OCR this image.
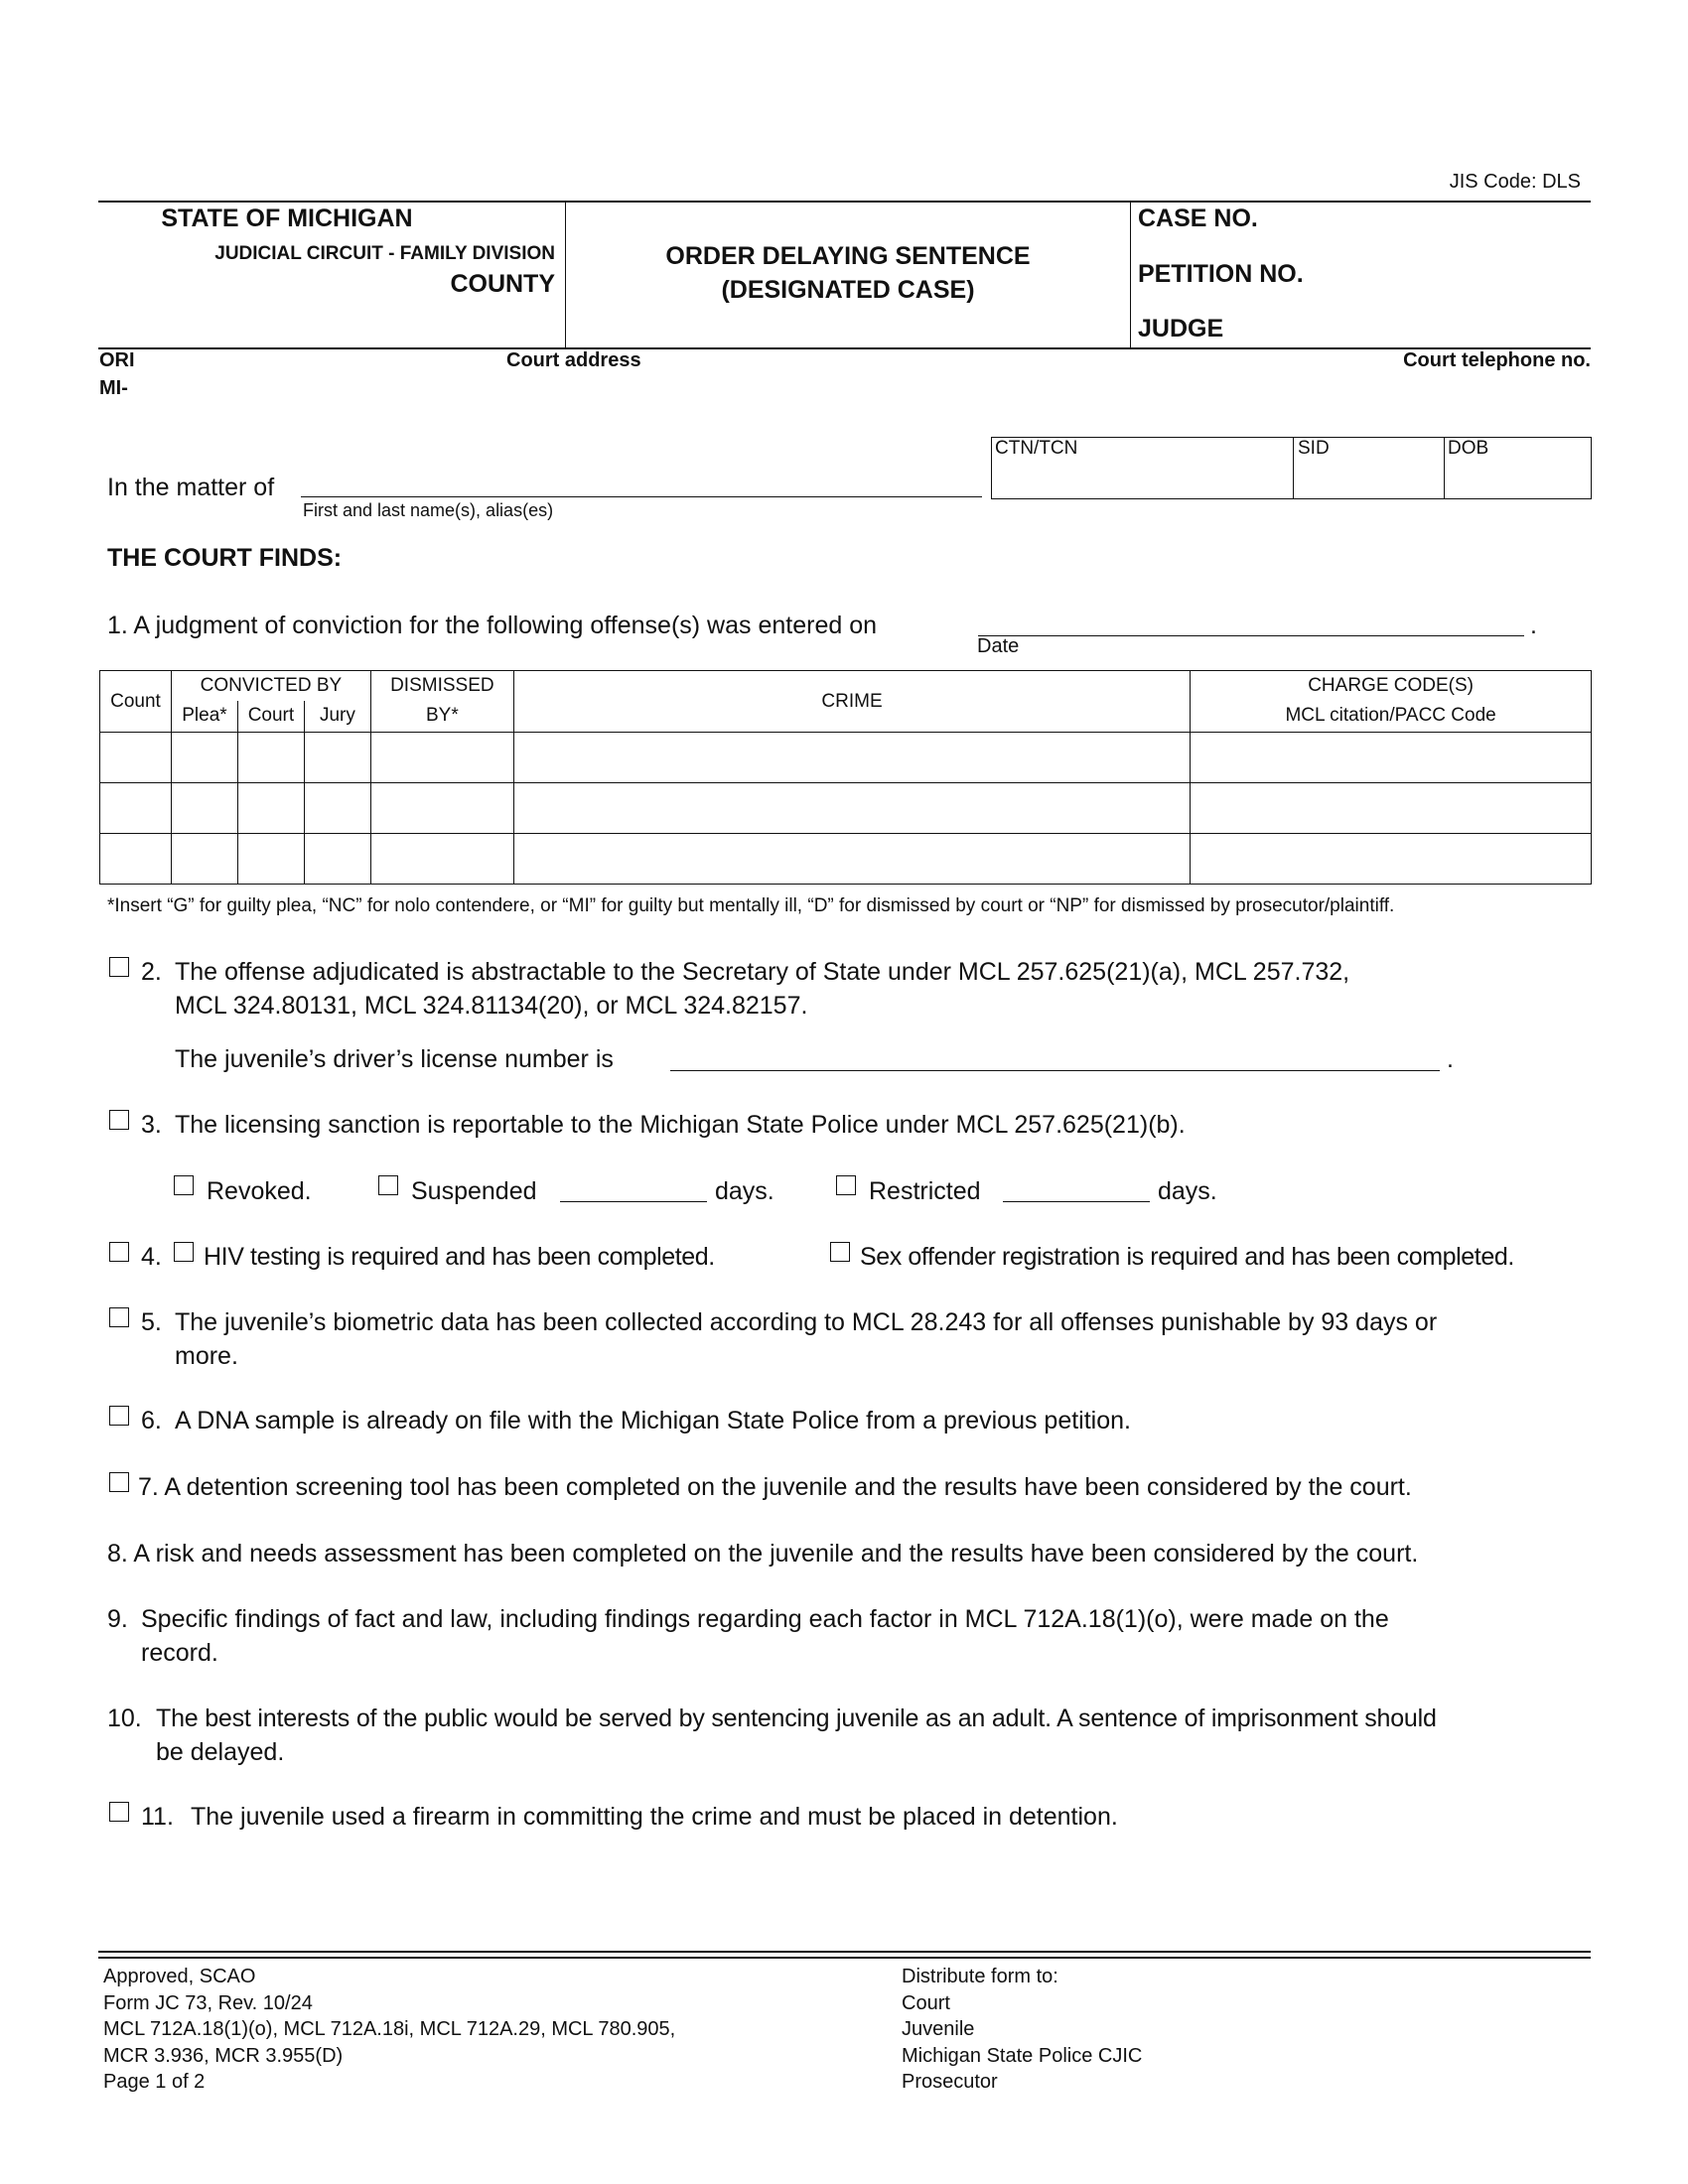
JIS Code: DLS
STATE OF MICHIGAN
JUDICIAL CIRCUIT - FAMILY DIVISION
COUNTY
ORDER DELAYING SENTENCE
(DESIGNATED CASE)
CASE NO.
PETITION NO.
JUDGE
ORI
MI-
Court address	Court telephone no.
In the matter of
First and last name(s), alias(es)
CTN/TCN	SID	DOB
THE COURT FINDS:
1. A judgment of conviction for the following offense(s) was entered on	.
Date
Count	CONVICTED BY			DISMISSED	CRIME	CHARGE CODE(S)
	Plea*	Court	Jury	BY*		MCL citation/PACC Code

*Insert “G” for guilty plea, “NC” for nolo contendere, or “MI” for guilty but mentally ill, “D” for dismissed by court or “NP” for dismissed by prosecutor/plaintiff.
2. The offense adjudicated is abstractable to the Secretary of State under MCL 257.625(21)(a), MCL 257.732,
MCL 324.80131, MCL 324.81134(20), or MCL 324.82157.
The juvenile’s driver’s license number is	.
3. The licensing sanction is reportable to the Michigan State Police under MCL 257.625(21)(b).
Revoked.	Suspended	days.	Restricted	days.
4. HIV testing is required and has been completed.	Sex offender registration is required and has been completed.
5. The juvenile’s biometric data has been collected according to MCL 28.243 for all offenses punishable by 93 days or
more.
6. A DNA sample is already on file with the Michigan State Police from a previous petition.
7. A detention screening tool has been completed on the juvenile and the results have been considered by the court.
8. A risk and needs assessment has been completed on the juvenile and the results have been considered by the court.
9. Specific findings of fact and law, including findings regarding each factor in MCL 712A.18(1)(o), were made on the
record.
10. The best interests of the public would be served by sentencing juvenile as an adult. A sentence of imprisonment should
be delayed.
11. The juvenile used a firearm in committing the crime and must be placed in detention.
Approved, SCAO
Form JC 73, Rev. 10/24
MCL 712A.18(1)(o), MCL 712A.18i, MCL 712A.29, MCL 780.905,
MCR 3.936, MCR 3.955(D)
Page 1 of 2
Distribute form to:
Court
Juvenile
Michigan State Police CJIC
Prosecutor
